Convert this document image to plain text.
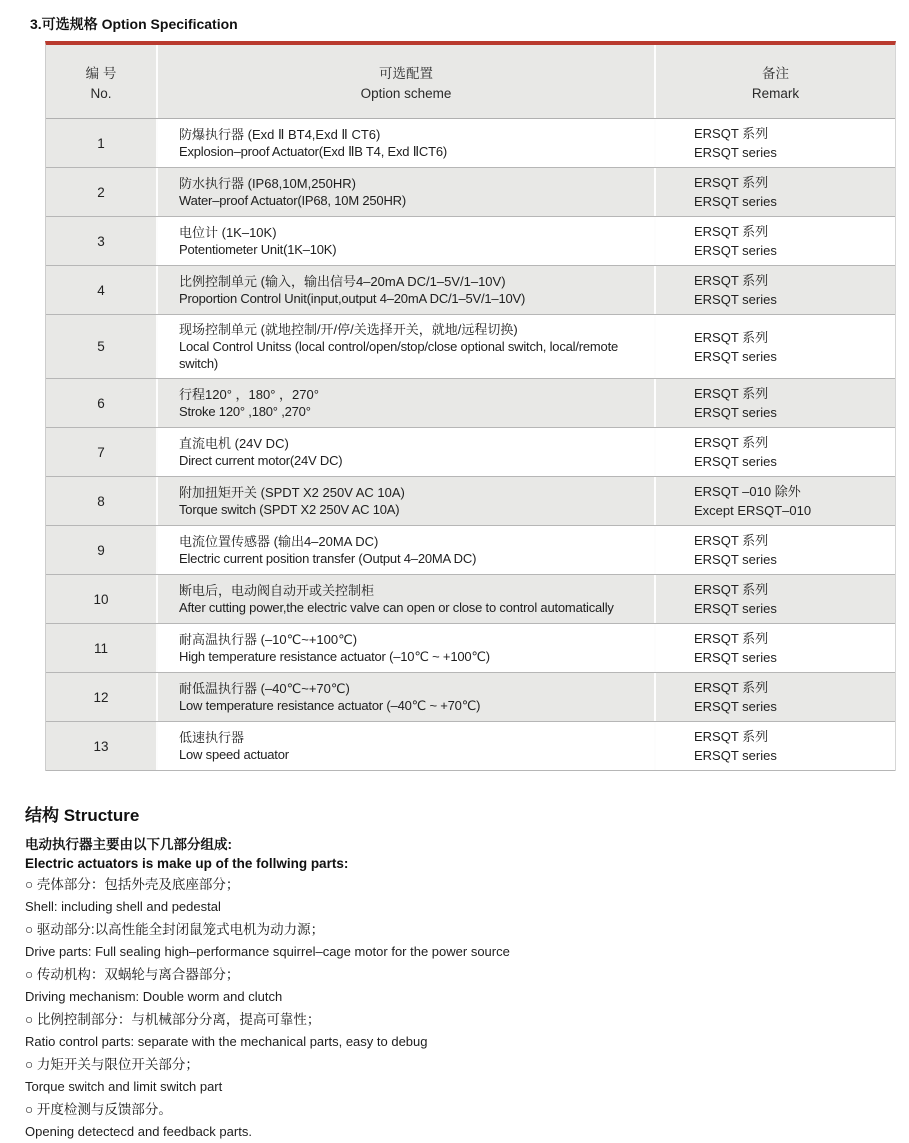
3.可选规格 Option Specification
编 号
No.
可选配置
Option scheme
备注
Remark
1
防爆执行器 (Exd Ⅱ BT4,Exd Ⅱ CT6)
Explosion–proof Actuator(Exd ⅡB T4, Exd ⅡCT6)
ERSQT 系列
ERSQT series
2
防水执行器 (IP68,10M,250HR)
Water–proof Actuator(IP68, 10M 250HR)
ERSQT 系列
ERSQT series
3
电位计 (1K–10K)
Potentiometer Unit(1K–10K)
ERSQT 系列
ERSQT series
4
比例控制单元 (输入，输出信号4–20mA DC/1–5V/1–10V)
Proportion Control Unit(input,output 4–20mA DC/1–5V/1–10V)
ERSQT 系列
ERSQT series
5
现场控制单元 (就地控制/开/停/关选择开关，就地/远程切换)
Local Control Unitss (local control/open/stop/close optional switch, local/remote switch)
ERSQT 系列
ERSQT series
6
行程120° ，180° ，270°
Stroke 120° ,180° ,270°
ERSQT 系列
ERSQT series
7
直流电机 (24V DC)
Direct current motor(24V DC)
ERSQT 系列
ERSQT series
8
附加扭矩开关 (SPDT X2 250V AC 10A)
Torque switch (SPDT X2 250V AC 10A)
ERSQT –010 除外
Except ERSQT–010
9
电流位置传感器 (输出4–20MA DC)
Electric current position transfer (Output 4–20MA DC)
ERSQT 系列
ERSQT series
10
断电后，电动阀自动开或关控制柜
After cutting power,the electric valve can open or close to control automatically
ERSQT 系列
ERSQT series
11
耐高温执行器 (–10℃~+100℃)
High temperature resistance actuator (–10℃ ~ +100℃)
ERSQT 系列
ERSQT series
12
耐低温执行器 (–40℃~+70℃)
Low temperature resistance actuator (–40℃ ~ +70℃)
ERSQT 系列
ERSQT series
13
低速执行器
Low speed actuator
ERSQT 系列
ERSQT series
结构 Structure

电动执行器主要由以下几部分组成:

Electric actuators is make up of the follwing parts:

○ 壳体部分：包括外壳及底座部分；

Shell: including shell and pedestal

○ 驱动部分:以高性能全封闭鼠笼式电机为动力源；

Drive parts: Full sealing high–performance squirrel–cage motor for the power source

○ 传动机构：双蜗轮与离合器部分；

Driving mechanism: Double worm and clutch

○ 比例控制部分：与机械部分分离，提高可靠性；

Ratio control parts: separate with the mechanical parts, easy to debug

○ 力矩开关与限位开关部分；

Torque switch and limit switch part

○ 开度检测与反馈部分。

Opening detectecd and feedback parts.
